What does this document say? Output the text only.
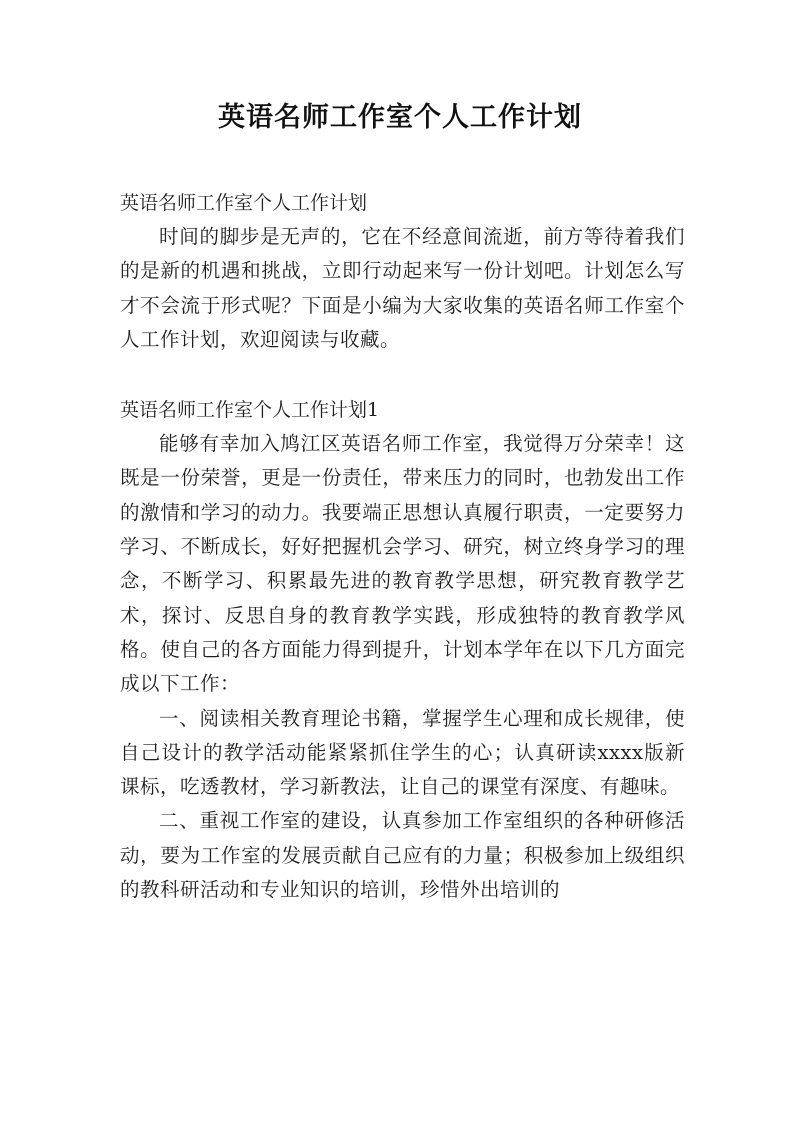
英语名师工作室个人工作计划

英语名师工作室个人工作计划

时间的脚步是无声的，它在不经意间流逝，前方等待着我们的是新的机遇和挑战，立即行动起来写一份计划吧。计划怎么写才不会流于形式呢？下面是小编为大家收集的英语名师工作室个人工作计划，欢迎阅读与收藏。

英语名师工作室个人工作计划1

能够有幸加入鸠江区英语名师工作室，我觉得万分荣幸！这既是一份荣誉，更是一份责任，带来压力的同时，也勃发出工作的激情和学习的动力。我要端正思想认真履行职责，一定要努力学习、不断成长，好好把握机会学习、研究，树立终身学习的理念，不断学习、积累最先进的教育教学思想，研究教育教学艺术，探讨、反思自身的教育教学实践，形成独特的教育教学风格。使自己的各方面能力得到提升，计划本学年在以下几方面完成以下工作：

一、阅读相关教育理论书籍，掌握学生心理和成长规律，使自己设计的教学活动能紧紧抓住学生的心；认真研读xxxx版新课标，吃透教材，学习新教法，让自己的课堂有深度、有趣味。

二、重视工作室的建设，认真参加工作室组织的各种研修活动，要为工作室的发展贡献自己应有的力量；积极参加上级组织的教科研活动和专业知识的培训，珍惜外出培训的
